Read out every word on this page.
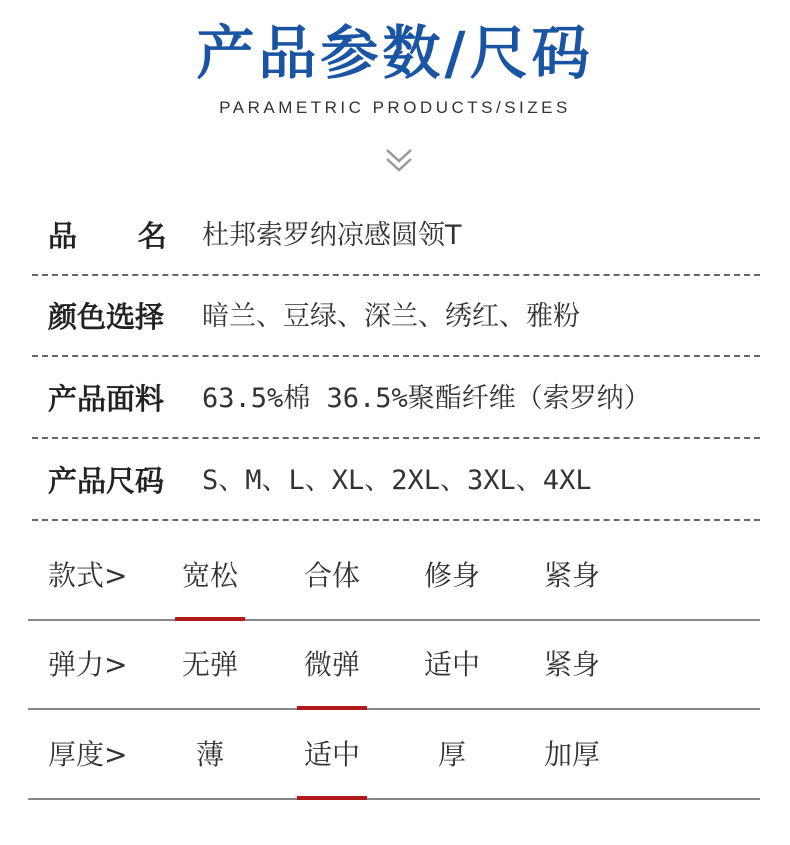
产品参数/尺码
PARAMETRIC PRODUCTS/SIZES
品      名 杜邦索罗纳凉感圆领T
颜色选择 暗兰、豆绿、深兰、绣红、雅粉
产品面料 63.5%棉 36.5%聚酯纤维（索罗纳）
产品尺码 S、M、L、XL、2XL、3XL、4XL
款式>	宽松	合体	修身	紧身
弹力>	无弹	微弹	适中	紧身
厚度>	薄	适中	厚	加厚
